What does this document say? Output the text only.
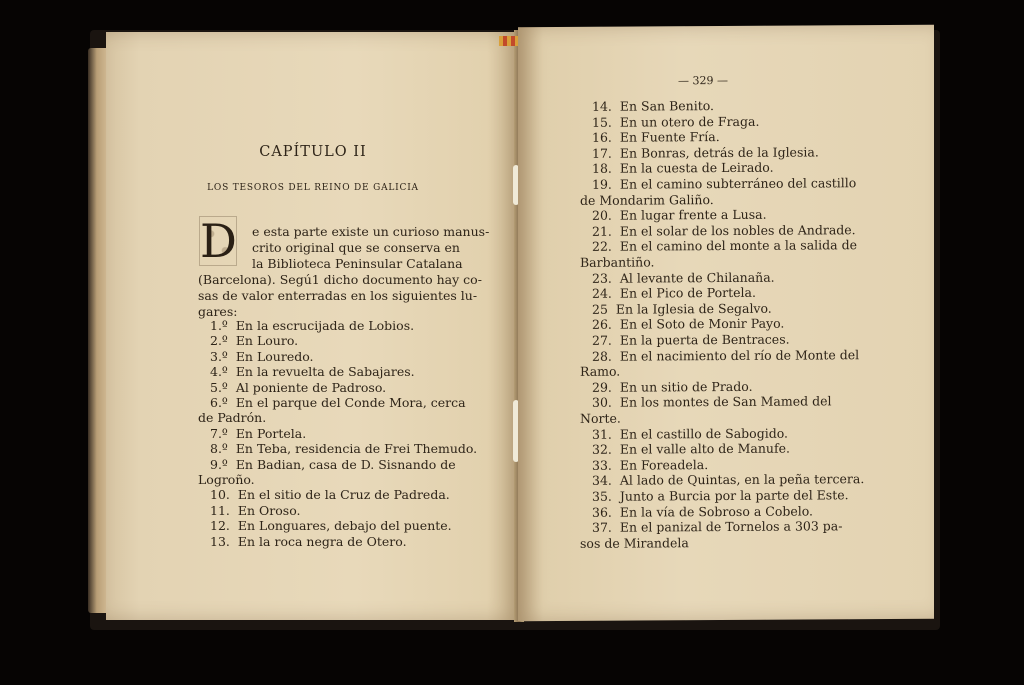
CAPÍTULO II
LOS TESOROS DEL REINO DE GALICIA
D e esta parte existe un curioso manus-
crito original que se conserva en
la Biblioteca Peninsular Catalana
(Barcelona). Segú1 dicho documento hay co-
sas de valor enterradas en los siguientes lu-
gares:
1.º En la escrucijada de Lobios.
2.º En Louro.
3.º En Louredo.
4.º En la revuelta de Sabajares.
5.º Al poniente de Padroso.
6.º En el parque del Conde Mora, cerca
de Padrón.
7.º En Portela.
8.º En Teba, residencia de Frei Themudo.
9.º En Badian, casa de D. Sisnando de
Logroño.
10. En el sitio de la Cruz de Padreda.
11. En Oroso.
12. En Longuares, debajo del puente.
13. En la roca negra de Otero.
— 329 —
14. En San Benito.
15. En un otero de Fraga.
16. En Fuente Fría.
17. En Bonras, detrás de la Iglesia.
18. En la cuesta de Leirado.
19. En el camino subterráneo del castillo
de Mondarim Galiño.
20. En lugar frente a Lusa.
21. En el solar de los nobles de Andrade.
22. En el camino del monte a la salida de
Barbantiño.
23. Al levante de Chilanaña.
24. En el Pico de Portela.
25 En la Iglesia de Segalvo.
26. En el Soto de Monir Payo.
27. En la puerta de Bentraces.
28. En el nacimiento del río de Monte del
Ramo.
29. En un sitio de Prado.
30. En los montes de San Mamed del
Norte.
31. En el castillo de Sabogido.
32. En el valle alto de Manufe.
33. En Foreadela.
34. Al lado de Quintas, en la peña tercera.
35. Junto a Burcia por la parte del Este.
36. En la vía de Sobroso a Cobelo.
37. En el panizal de Tornelos a 303 pa-
sos de Mirandela
